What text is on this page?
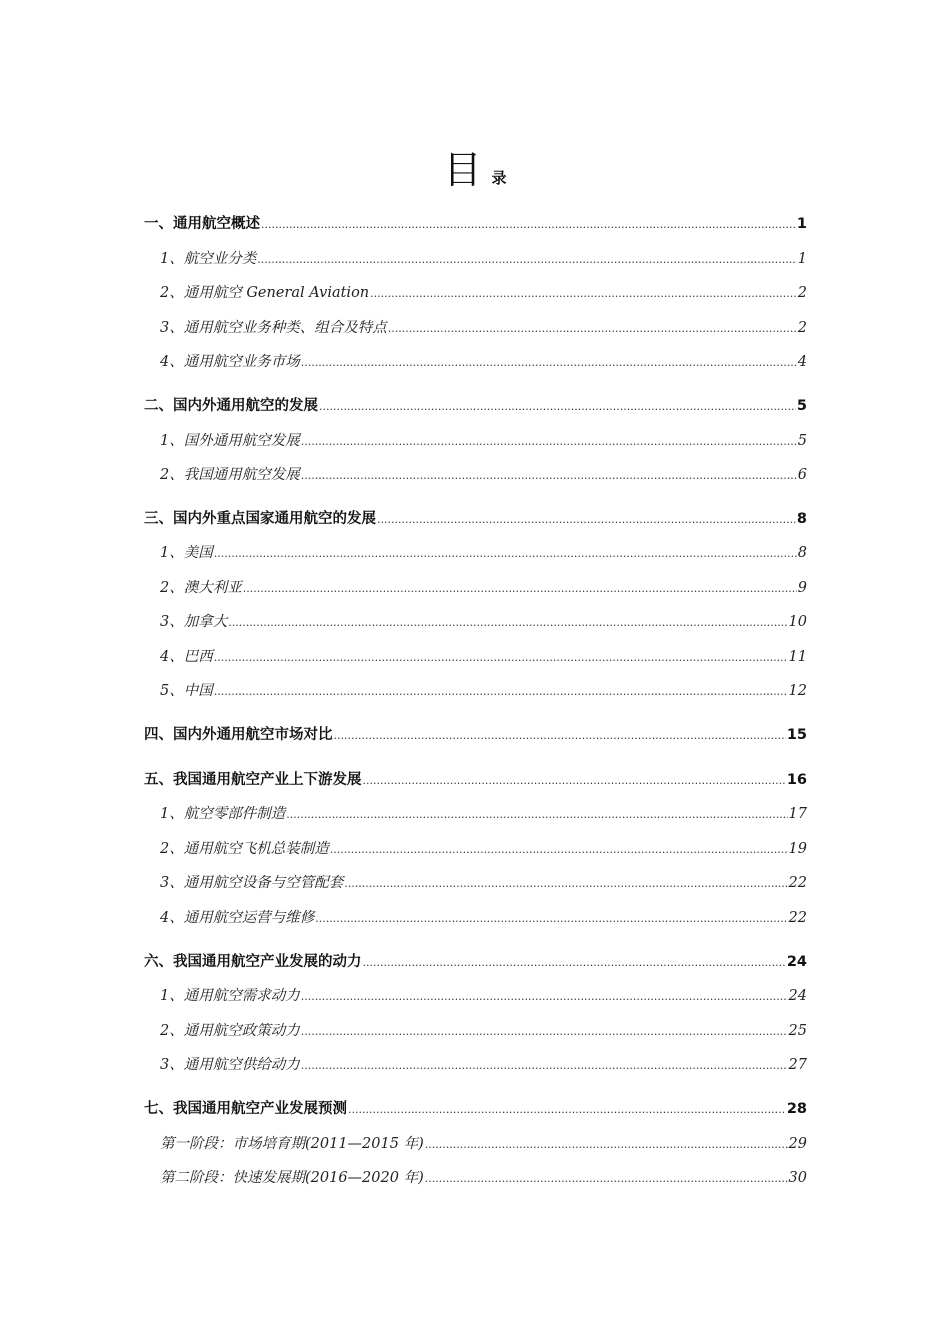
目录
一、通用航空概述 .....	1
1、 航空业分类 .....	1
2、 通用航空 General Aviation .....	2
3、 通用航空业务种类、组合及特点 .....	2
4、 通用航空业务市场 .....	4
二、国内外通用航空的发展 .....	5
1、 国外通用航空发展 .....	5
2、 我国通用航空发展 .....	6
三、国内外重点国家通用航空的发展 .....	8
1、 美国 .....	8
2、 澳大利亚 .....	9
3、 加拿大 .....	10
4、 巴西 .....	11
5、 中国 .....	12
四、国内外通用航空市场对比 .....	15
五、我国通用航空产业上下游发展 .....	16
1、 航空零部件制造 .....	17
2、 通用航空飞机总装制造 .....	19
3、 通用航空设备与空管配套 .....	22
4、 通用航空运营与维修 .....	22
六、我国通用航空产业发展的动力 .....	24
1、 通用航空需求动力 .....	24
2、 通用航空政策动力 .....	25
3、 通用航空供给动力 .....	27
七、我国通用航空产业发展预测 .....	28
第一阶段：市场培育期(2011—2015 年) .....	29
第二阶段：快速发展期(2016—2020 年) .....	30
